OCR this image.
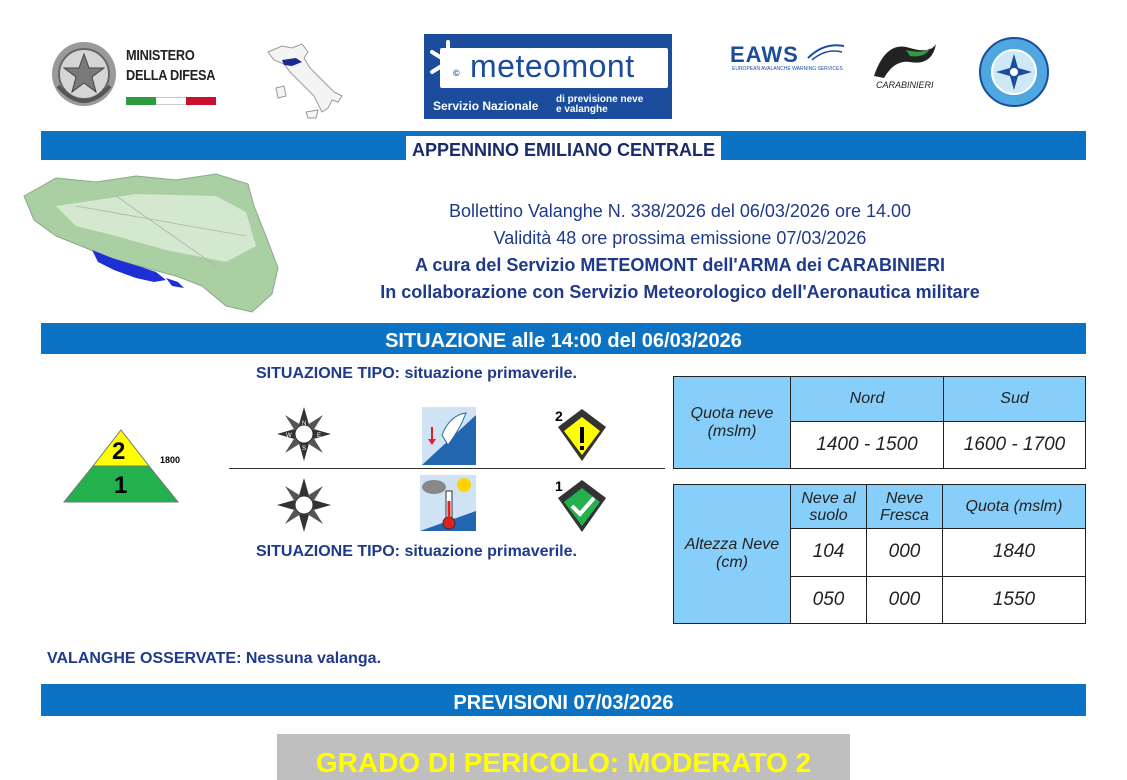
MINISTERO
DELLA DIFESA	© meteomont
Servizio Nazionale di previsione neve
e valanghe
EAWS
EUROPEAN AVALANCHE WARNING SERVICES
CARABINIERI
APPENNINO EMILIANO CENTRALE
Bollettino Valanghe N. 338/2026 del 06/03/2026 ore 14.00
Validità 48 ore prossima emissione 07/03/2026
A cura del Servizio METEOMONT dell'ARMA dei CARABINIERI
In collaborazione con Servizio Meteorologico dell'Aeronautica militare
SITUAZIONE alle 14:00 del 06/03/2026
SITUAZIONE TIPO: situazione primaverile.
2
1
1800
N
W	E
S
2
1
SITUAZIONE TIPO: situazione primaverile.
Quota neve (mslm)	Nord	Sud
	1400 - 1500	1600 - 1700
Altezza Neve (cm)	Neve al suolo	Neve Fresca	Quota (mslm)
	104	000	1840
	050	000	1550
VALANGHE OSSERVATE: Nessuna valanga.
PREVISIONI 07/03/2026
GRADO DI PERICOLO: MODERATO 2
